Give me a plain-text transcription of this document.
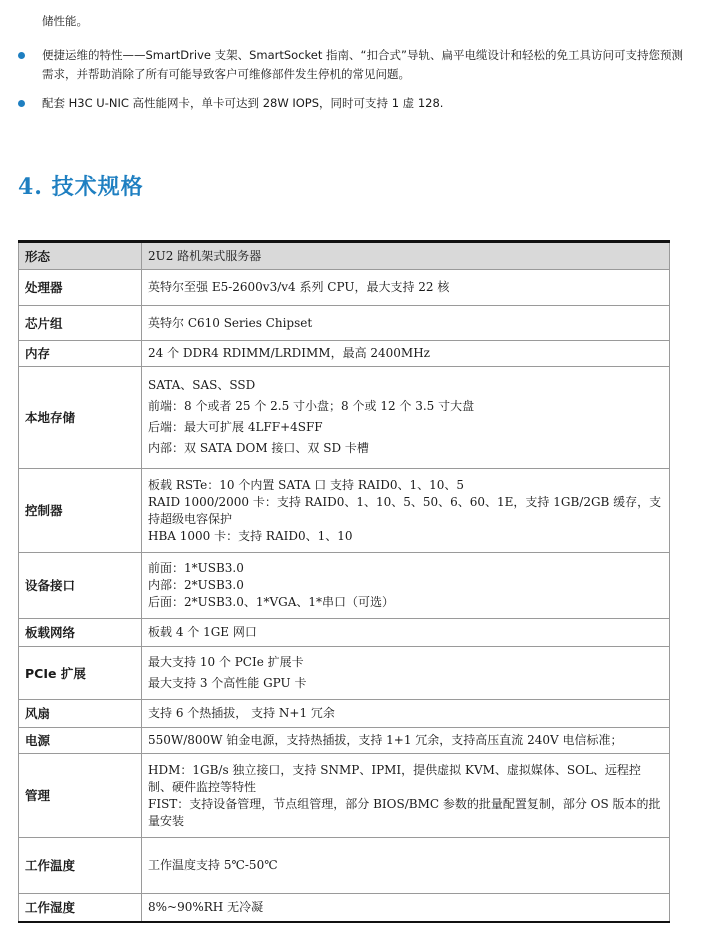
储性能。
便捷运维的特性——SmartDrive 支架、SmartSocket 指南、“扣合式”导轨、扁平电缆设计和轻松的免工具访问可支持您预测需求，并帮助消除了所有可能导致客户可维修部件发生停机的常见问题。
配套 H3C U-NIC 高性能网卡，单卡可达到 28W IOPS，同时可支持 1 虚 128.
4. 技术规格
形态	2U2 路机架式服务器

处理器	英特尔至强 E5-2600v3/v4 系列 CPU，最大支持 22 核

芯片组	英特尔 C610 Series Chipset

内存	24 个 DDR4 RDIMM/LRDIMM，最高 2400MHz

本地存储	SATA、SAS、SSD
前端：8 个或者 25 个 2.5 寸小盘；8 个或 12 个 3.5 寸大盘
后端：最大可扩展 4LFF+4SFF
内部：双 SATA DOM 接口、双 SD 卡槽

控制器	板载 RSTe：10 个内置 SATA 口 支持 RAID0、1、10、5
RAID 1000/2000 卡：支持 RAID0、1、10、5、50、6、60、1E，支持 1GB/2GB 缓存，支持超级电容保护
HBA 1000 卡：支持 RAID0、1、10

设备接口	前面：1*USB3.0
内部：2*USB3.0
后面：2*USB3.0、1*VGA、1*串口（可选）

板载网络	板载 4 个 1GE 网口

PCIe 扩展	最大支持 10 个 PCIe 扩展卡
最大支持 3 个高性能 GPU 卡

风扇	支持 6 个热插拔， 支持 N+1 冗余

电源	550W/800W 铂金电源，支持热插拔，支持 1+1 冗余，支持高压直流 240V 电信标准；

管理	HDM：1GB/s 独立接口，支持 SNMP、IPMI，提供虚拟 KVM、虚拟媒体、SOL、远程控制、硬件监控等特性
FIST：支持设备管理，节点组管理，部分 BIOS/BMC 参数的批量配置复制，部分 OS 版本的批量安装

工作温度	工作温度支持 5℃-50℃

工作湿度	8%~90%RH 无冷凝
